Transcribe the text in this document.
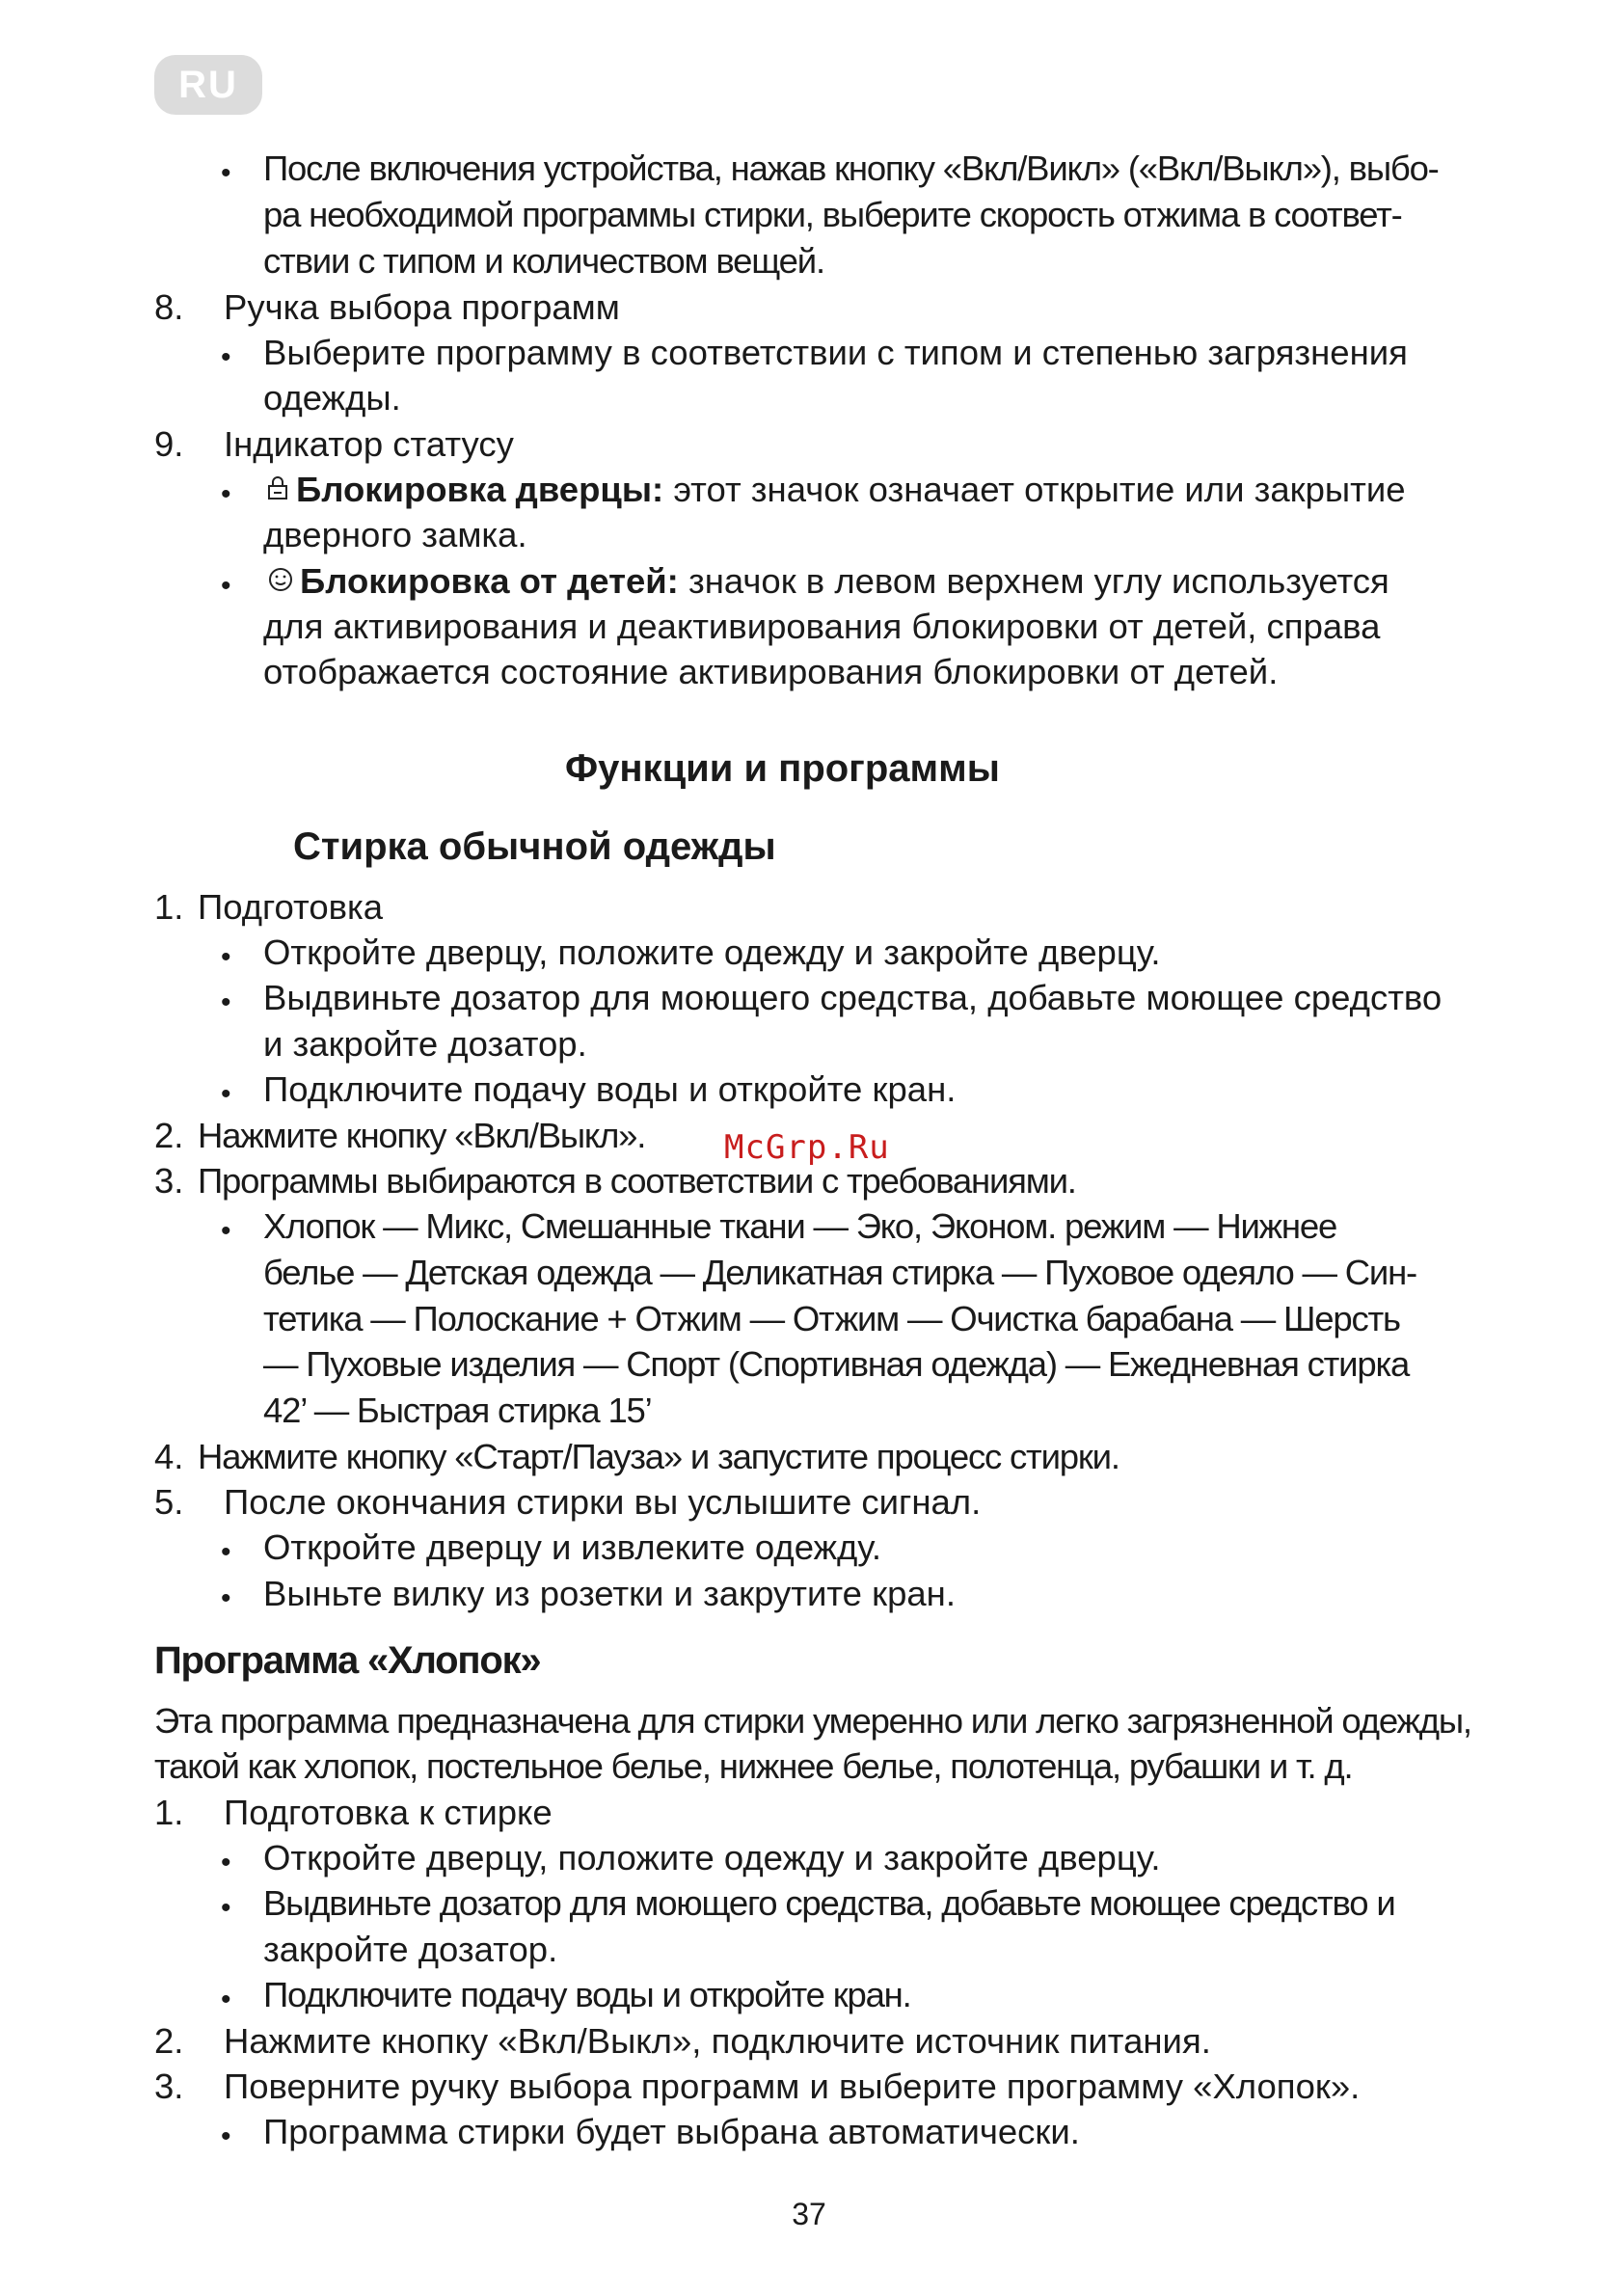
RU
• После включения устройства, нажав кнопку «Вкл/Викл» («Вкл/Выкл»), выбо-
ра необходимой программы стирки, выберите скорость отжима в соответ-
ствии с типом и количеством вещей.
8. Ручка выбора программ
• Выберите программу в соответствии с типом и степенью загрязнения
одежды.
9. Індикатор статусу
•	Блокировка дверцы: этот значок означает открытие или закрытие
дверного замка.
•	Блокировка от детей: значок в левом верхнем углу используется
для активирования и деактивирования блокировки от детей, справа
отображается состояние активирования блокировки от детей.
Функции и программы
Стирка обычной одежды
1. Подготовка
• Откройте дверцу, положите одежду и закройте дверцу.
• Выдвиньте дозатор для моющего средства, добавьте моющее средство
и закройте дозатор.
• Подключите подачу воды и откройте кран.
2. Нажмите кнопку «Вкл/Выкл». McGrp.Ru
3. Программы выбираются в соответствии с требованиями.
• Хлопок — Микс, Смешанные ткани — Эко, Эконом. режим — Нижнее
белье — Детская одежда — Деликатная стирка — Пуховое одеяло — Син-
тетика — Полоскание + Отжим — Отжим — Очистка барабана — Шерсть
— Пуховые изделия — Спорт (Спортивная одежда) — Ежедневная стирка
42’ — Быстрая стирка 15’
4. Нажмите кнопку «Старт/Пауза» и запустите процесс стирки.
5. После окончания стирки вы услышите сигнал.
• Откройте дверцу и извлеките одежду.
• Выньте вилку из розетки и закрутите кран.
Программа «Хлопок»
Эта программа предназначена для стирки умеренно или легко загрязненной одежды,
такой как хлопок, постельное белье, нижнее белье, полотенца, рубашки и т. д.
1. Подготовка к стирке
• Откройте дверцу, положите одежду и закройте дверцу.
• Выдвиньте дозатор для моющего средства, добавьте моющее средство и
закройте дозатор.
• Подключите подачу воды и откройте кран.
2. Нажмите кнопку «Вкл/Выкл», подключите источник питания.
3. Поверните ручку выбора программ и выберите программу «Хлопок».
• Программа стирки будет выбрана автоматически.
37
